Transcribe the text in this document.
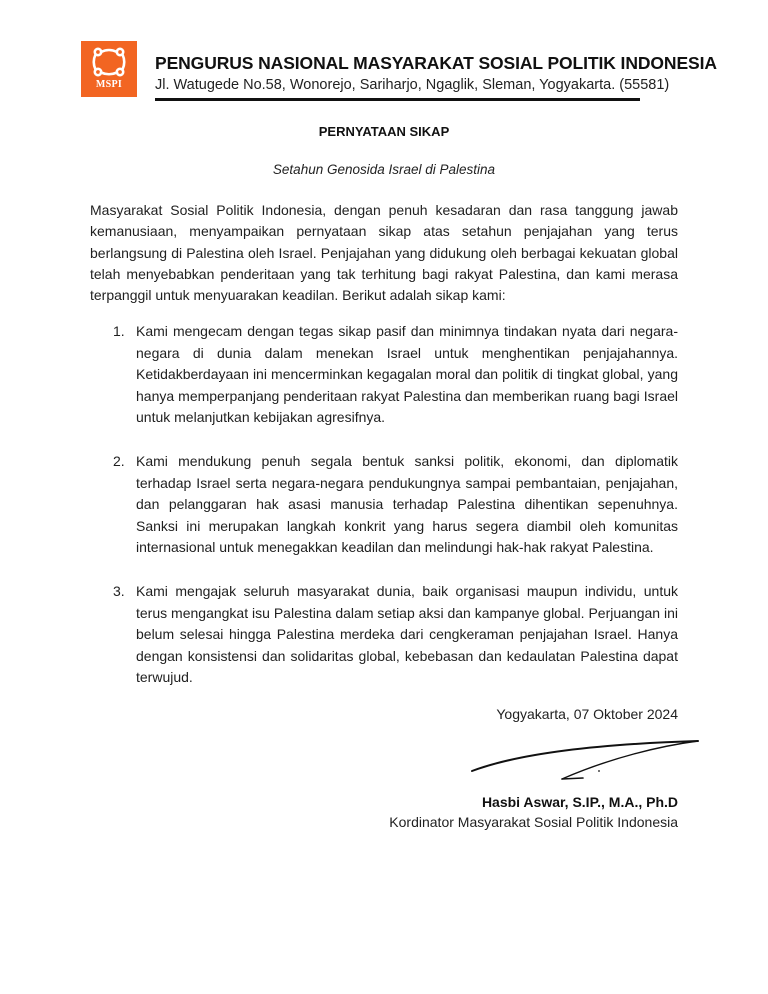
MSPI
PENGURUS NASIONAL MASYARAKAT SOSIAL POLITIK INDONESIA
Jl. Watugede No.58, Wonorejo, Sariharjo, Ngaglik, Sleman, Yogyakarta. (55581)
PERNYATAAN SIKAP
Setahun Genosida Israel di Palestina

Masyarakat Sosial Politik Indonesia, dengan penuh kesadaran dan rasa tanggung jawab kemanusiaan, menyampaikan pernyataan sikap atas setahun penjajahan yang terus berlangsung di Palestina oleh Israel. Penjajahan yang didukung oleh berbagai kekuatan global telah menyebabkan penderitaan yang tak terhitung bagi rakyat Palestina, dan kami merasa terpanggil untuk menyuarakan keadilan. Berikut adalah sikap kami:

1. Kami mengecam dengan tegas sikap pasif dan minimnya tindakan nyata dari negara-negara di dunia dalam menekan Israel untuk menghentikan penjajahannya. Ketidakberdayaan ini mencerminkan kegagalan moral dan politik di tingkat global, yang hanya memperpanjang penderitaan rakyat Palestina dan memberikan ruang bagi Israel untuk melanjutkan kebijakan agresifnya.
2. Kami mendukung penuh segala bentuk sanksi politik, ekonomi, dan diplomatik terhadap Israel serta negara-negara pendukungnya sampai pembantaian, penjajahan, dan pelanggaran hak asasi manusia terhadap Palestina dihentikan sepenuhnya. Sanksi ini merupakan langkah konkrit yang harus segera diambil oleh komunitas internasional untuk menegakkan keadilan dan melindungi hak-hak rakyat Palestina.
3. Kami mengajak seluruh masyarakat dunia, baik organisasi maupun individu, untuk terus mengangkat isu Palestina dalam setiap aksi dan kampanye global. Perjuangan ini belum selesai hingga Palestina merdeka dari cengkeraman penjajahan Israel. Hanya dengan konsistensi dan solidaritas global, kebebasan dan kedaulatan Palestina dapat terwujud.
Yogyakarta, 07 Oktober 2024
Hasbi Aswar, S.IP., M.A., Ph.D
Kordinator Masyarakat Sosial Politik Indonesia
